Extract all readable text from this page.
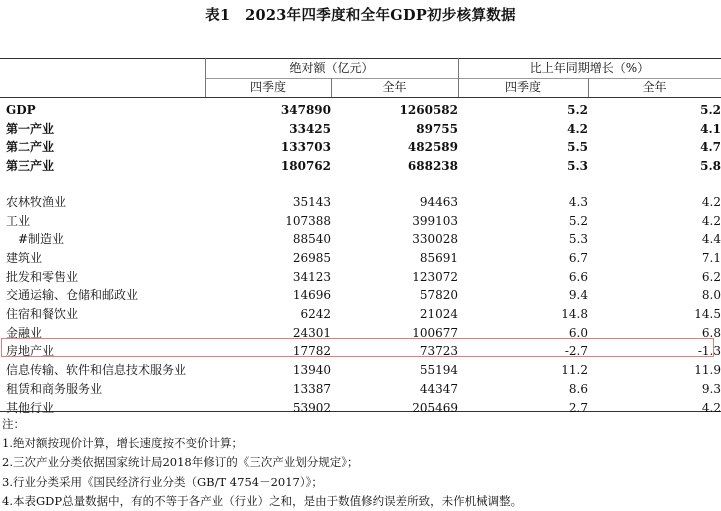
表1　2023年四季度和全年GDP初步核算数据
绝对额（亿元）	比上年同期增长（%）
四季度	全年	四季度	全年
GDP	347890	1260582	5.2	5.2
第一产业	33425	89755	4.2	4.1
第二产业	133703	482589	5.5	4.7
第三产业	180762	688238	5.3	5.8

农林牧渔业	35143	94463	4.3	4.2
工业	107388	399103	5.2	4.2
#制造业	88540	330028	5.3	4.4
建筑业	26985	85691	6.7	7.1
批发和零售业	34123	123072	6.6	6.2
交通运输、仓储和邮政业	14696	57820	9.4	8.0
住宿和餐饮业	6242	21024	14.8	14.5
金融业	24301	100677	6.0	6.8
房地产业	17782	73723	-2.7	-1.3
信息传输、软件和信息技术服务业	13940	55194	11.2	11.9
租赁和商务服务业	13387	44347	8.6	9.3
其他行业	53902	205469	2.7	4.2
注：
1.绝对额按现价计算，增长速度按不变价计算；
2.三次产业分类依据国家统计局2018年修订的《三次产业划分规定》；
3.行业分类采用《国民经济行业分类（GB/T 4754－2017）》；
4.本表GDP总量数据中，有的不等于各产业（行业）之和，是由于数值修约误差所致，未作机械调整。
